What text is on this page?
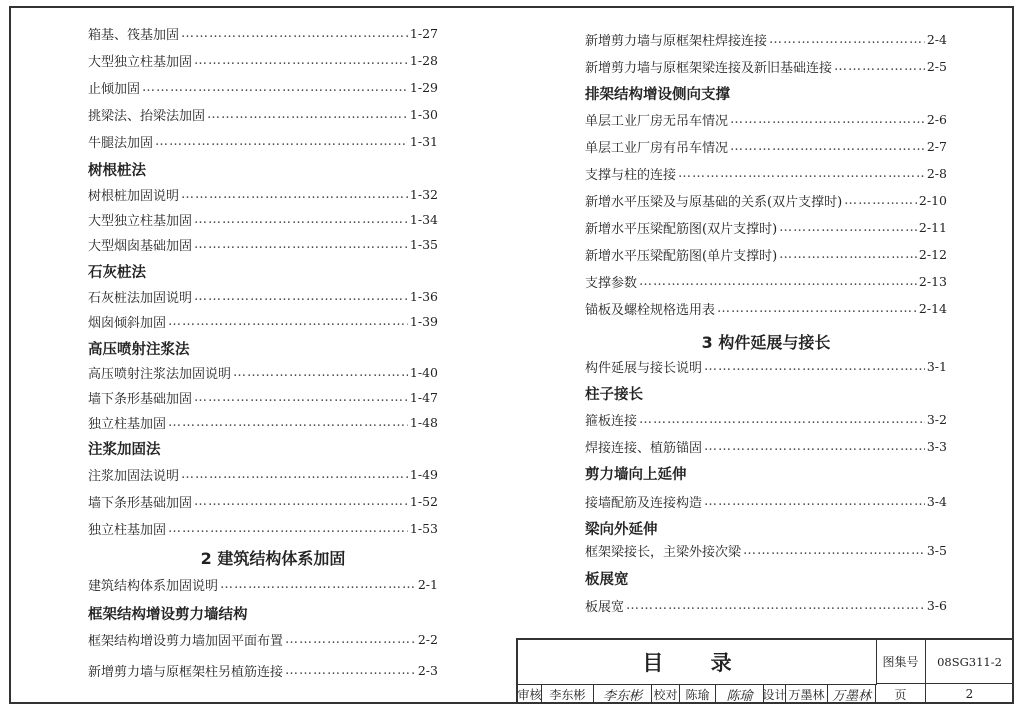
箱基、筏基加固 ……………………………………………………………………………………………………………………………………………………………………………………	1-27
大型独立柱基加固 ……………………………………………………………………………………………………………………………………………………………………………………	1-28
止倾加固 ……………………………………………………………………………………………………………………………………………………………………………………	1-29
挑梁法、抬梁法加固 ……………………………………………………………………………………………………………………………………………………………………………………	1-30
牛腿法加固 ……………………………………………………………………………………………………………………………………………………………………………………	1-31
树根桩法
树根桩加固说明 ……………………………………………………………………………………………………………………………………………………………………………………	1-32
大型独立柱基加固 ……………………………………………………………………………………………………………………………………………………………………………………	1-34
大型烟囱基础加固 ……………………………………………………………………………………………………………………………………………………………………………………	1-35
石灰桩法
石灰桩法加固说明 ……………………………………………………………………………………………………………………………………………………………………………………	1-36
烟囱倾斜加固 ……………………………………………………………………………………………………………………………………………………………………………………	1-39
高压喷射注浆法
高压喷射注浆法加固说明 ……………………………………………………………………………………………………………………………………………………………………………………	1-40
墙下条形基础加固 ……………………………………………………………………………………………………………………………………………………………………………………	1-47
独立柱基加固 ……………………………………………………………………………………………………………………………………………………………………………………	1-48
注浆加固法
注浆加固法说明 ……………………………………………………………………………………………………………………………………………………………………………………	1-49
墙下条形基础加固 ……………………………………………………………………………………………………………………………………………………………………………………	1-52
独立柱基加固 ……………………………………………………………………………………………………………………………………………………………………………………	1-53
2 建筑结构体系加固
建筑结构体系加固说明 ……………………………………………………………………………………………………………………………………………………………………………………	2-1
框架结构增设剪力墙结构
框架结构增设剪力墙加固平面布置 ……………………………………………………………………………………………………………………………………………………………………………………	2-2
新增剪力墙与原框架柱另植筋连接 ……………………………………………………………………………………………………………………………………………………………………………………	2-3
新增剪力墙与原框架柱焊接连接 ……………………………………………………………………………………………………………………………………………………………………………………	2-4
新增剪力墙与原框架梁连接及新旧基础连接 ……………………………………………………………………………………………………………………………………………………………………………………	2-5
排架结构增设侧向支撑
单层工业厂房无吊车情况 ……………………………………………………………………………………………………………………………………………………………………………………	2-6
单层工业厂房有吊车情况 ……………………………………………………………………………………………………………………………………………………………………………………	2-7
支撑与柱的连接 ……………………………………………………………………………………………………………………………………………………………………………………	2-8
新增水平压梁及与原基础的关系(双片支撑时) ……………………………………………………………………………………………………………………………………………………………………………………	2-10
新增水平压梁配筋图(双片支撑时) ……………………………………………………………………………………………………………………………………………………………………………………	2-11
新增水平压梁配筋图(单片支撑时) ……………………………………………………………………………………………………………………………………………………………………………………	2-12
支撑参数 ……………………………………………………………………………………………………………………………………………………………………………………	2-13
锚板及螺栓规格选用表 ……………………………………………………………………………………………………………………………………………………………………………………	2-14
3 构件延展与接长
构件延展与接长说明 ……………………………………………………………………………………………………………………………………………………………………………………	3-1
柱子接长
箍板连接 ……………………………………………………………………………………………………………………………………………………………………………………	3-2
焊接连接、植筋锚固 ……………………………………………………………………………………………………………………………………………………………………………………	3-3
剪力墙向上延伸
接墙配筋及连接构造 ……………………………………………………………………………………………………………………………………………………………………………………	3-4
梁向外延伸
框架梁接长，主梁外接次梁 ……………………………………………………………………………………………………………………………………………………………………………………	3-5
板展宽
板展宽 ……………………………………………………………………………………………………………………………………………………………………………………	3-6
目 录	图集号	08SG311-2
审核 李东彬	李东彬 校对 陈瑜	陈瑜 设计 万墨林 万墨林	页	2
